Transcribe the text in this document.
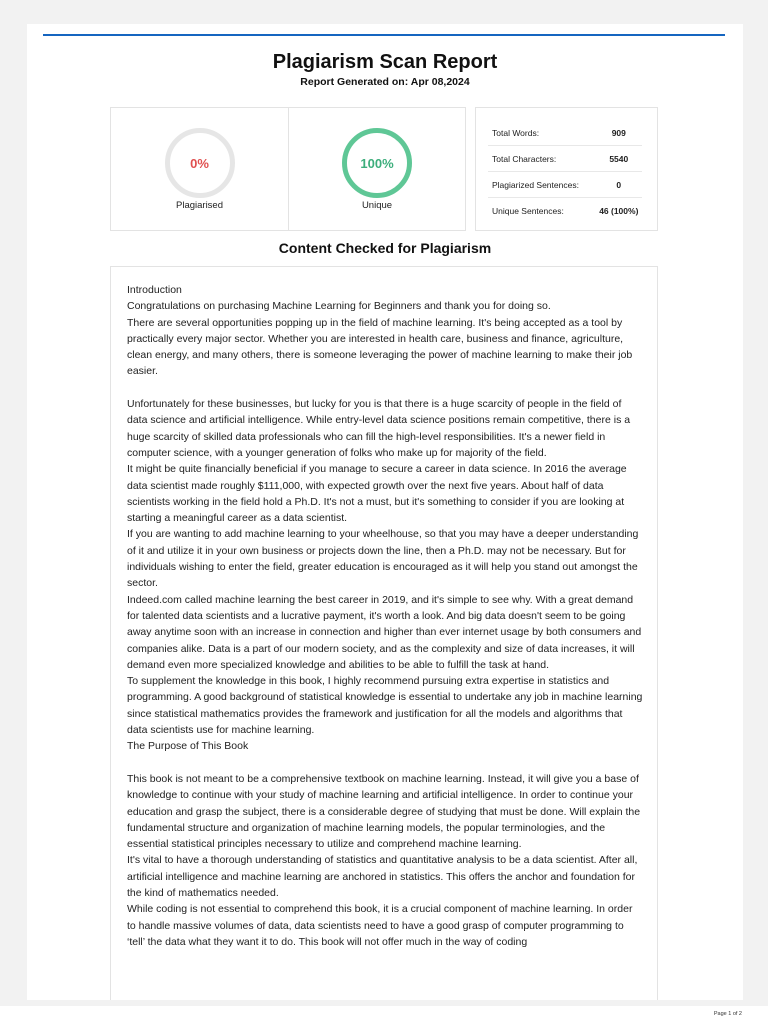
Plagiarism Scan Report
Report Generated on: Apr 08,2024
0%
Plagiarised
100%
Unique
Total Words:	909
Total Characters:	5540
Plagiarized Sentences:	0
Unique Sentences:	46 (100%)
Content Checked for Plagiarism

Introduction

Congratulations on purchasing Machine Learning for Beginners and thank you for doing so.

There are several opportunities popping up in the field of machine learning. It's being accepted as a tool by practically every major sector. Whether you are interested in health care, business and finance, agriculture, clean energy, and many others, there is someone leveraging the power of machine learning to make their job easier.

Unfortunately for these businesses, but lucky for you is that there is a huge scarcity of people in the field of data science and artificial intelligence. While entry-level data science positions remain competitive, there is a huge scarcity of skilled data professionals who can fill the high-level responsibilities. It's a newer field in computer science, with a younger generation of folks who make up for majority of the field.

It might be quite financially beneficial if you manage to secure a career in data science. In 2016 the average data scientist made roughly $111,000, with expected growth over the next five years. About half of data scientists working in the field hold a Ph.D. It's not a must, but it's something to consider if you are looking at starting a meaningful career as a data scientist.

If you are wanting to add machine learning to your wheelhouse, so that you may have a deeper understanding of it and utilize it in your own business or projects down the line, then a Ph.D. may not be necessary. But for individuals wishing to enter the field, greater education is encouraged as it will help you stand out amongst the sector.

Indeed.com called machine learning the best career in 2019, and it's simple to see why. With a great demand for talented data scientists and a lucrative payment, it's worth a look. And big data doesn't seem to be going away anytime soon with an increase in connection and higher than ever internet usage by both consumers and companies alike. Data is a part of our modern society, and as the complexity and size of data increases, it will demand even more specialized knowledge and abilities to be able to fulfill the task at hand.

To supplement the knowledge in this book, I highly recommend pursuing extra expertise in statistics and programming. A good background of statistical knowledge is essential to undertake any job in machine learning since statistical mathematics provides the framework and justification for all the models and algorithms that data scientists use for machine learning.

The Purpose of This Book

This book is not meant to be a comprehensive textbook on machine learning. Instead, it will give you a base of knowledge to continue with your study of machine learning and artificial intelligence. In order to continue your education and grasp the subject, there is a considerable degree of studying that must be done. Will explain the fundamental structure and organization of machine learning models, the popular terminologies, and the essential statistical principles necessary to utilize and comprehend machine learning.

It's vital to have a thorough understanding of statistics and quantitative analysis to be a data scientist. After all, artificial intelligence and machine learning are anchored in statistics. This offers the anchor and foundation for the kind of mathematics needed.

While coding is not essential to comprehend this book, it is a crucial component of machine learning. In order to handle massive volumes of data, data scientists need to have a good grasp of computer programming to ‘tell’ the data what they want it to do. This book will not offer much in the way of coding

Page 1 of 2
